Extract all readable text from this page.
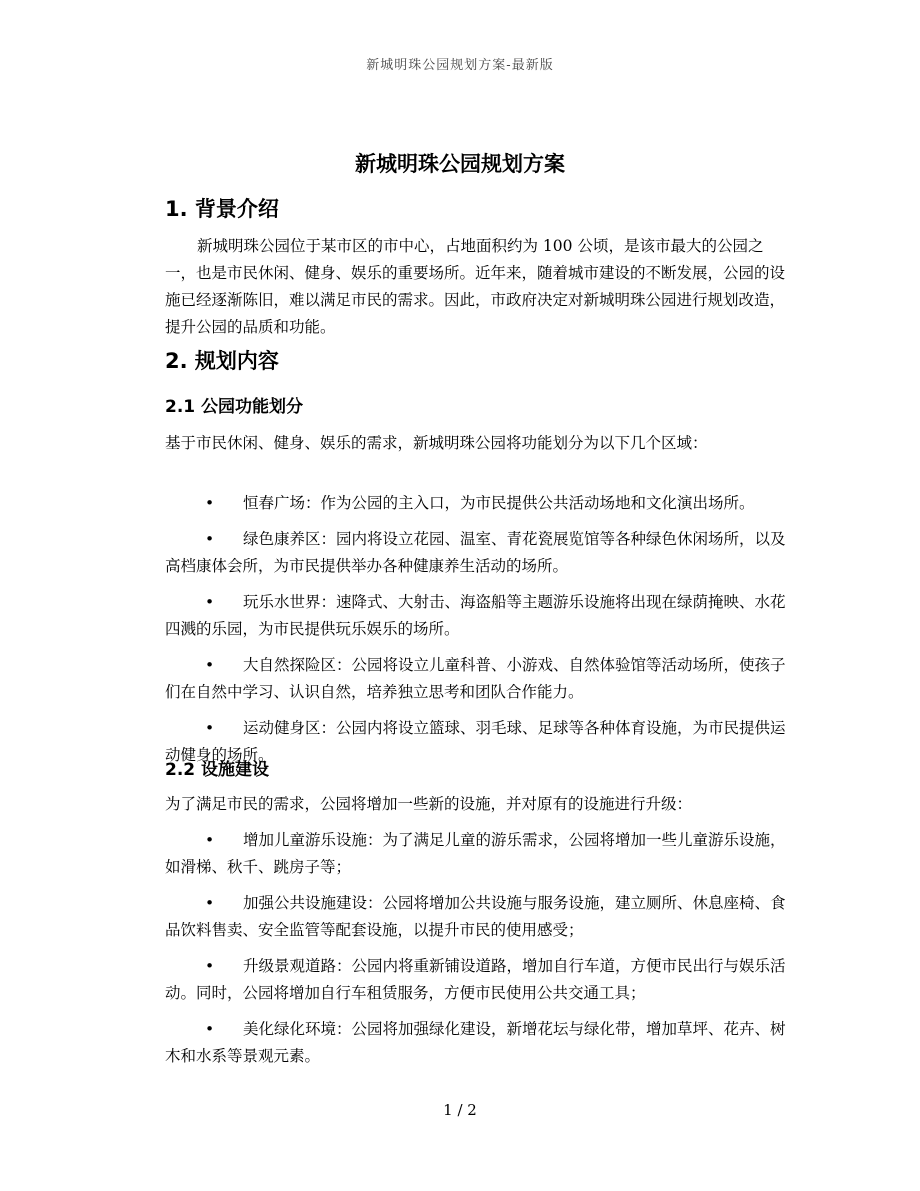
新城明珠公园规划方案-最新版
新城明珠公园规划方案
1. 背景介绍
新城明珠公园位于某市区的市中心，占地面积约为 100 公顷，是该市最大的公园之一，也是市民休闲、健身、娱乐的重要场所。近年来，随着城市建设的不断发展，公园的设施已经逐渐陈旧，难以满足市民的需求。因此，市政府决定对新城明珠公园进行规划改造，提升公园的品质和功能。
2. 规划内容
2.1 公园功能划分
基于市民休闲、健身、娱乐的需求，新城明珠公园将功能划分为以下几个区域：
• 恒春广场：作为公园的主入口，为市民提供公共活动场地和文化演出场所。
• 绿色康养区：园内将设立花园、温室、青花瓷展览馆等各种绿色休闲场所，以及高档康体会所，为市民提供举办各种健康养生活动的场所。
• 玩乐水世界：速降式、大射击、海盗船等主题游乐设施将出现在绿荫掩映、水花四溅的乐园，为市民提供玩乐娱乐的场所。
• 大自然探险区：公园将设立儿童科普、小游戏、自然体验馆等活动场所，使孩子们在自然中学习、认识自然，培养独立思考和团队合作能力。
• 运动健身区：公园内将设立篮球、羽毛球、足球等各种体育设施，为市民提供运动健身的场所。
2.2 设施建设
为了满足市民的需求，公园将增加一些新的设施，并对原有的设施进行升级：
• 增加儿童游乐设施：为了满足儿童的游乐需求，公园将增加一些儿童游乐设施，如滑梯、秋千、跳房子等；
• 加强公共设施建设：公园将增加公共设施与服务设施，建立厕所、休息座椅、食品饮料售卖、安全监管等配套设施，以提升市民的使用感受；
• 升级景观道路：公园内将重新铺设道路，增加自行车道，方便市民出行与娱乐活动。同时，公园将增加自行车租赁服务，方便市民使用公共交通工具；
• 美化绿化环境：公园将加强绿化建设，新增花坛与绿化带，增加草坪、花卉、树木和水系等景观元素。
1 / 2
